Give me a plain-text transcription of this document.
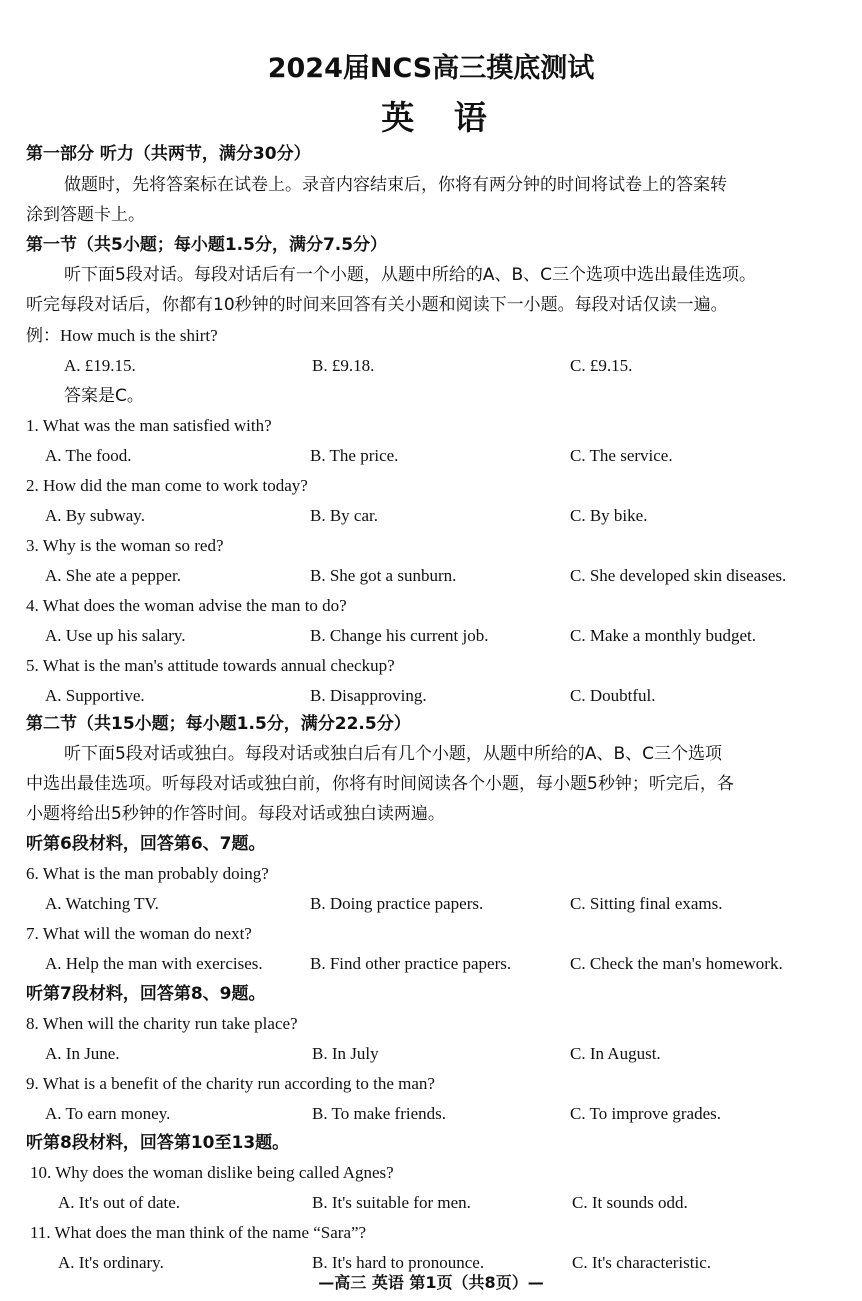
2024届NCS高三摸底测试
英 语
第一部分 听力（共两节，满分30分）
做题时，先将答案标在试卷上。录音内容结束后，你将有两分钟的时间将试卷上的答案转
涂到答题卡上。
第一节（共5小题；每小题1.5分，满分7.5分）
听下面5段对话。每段对话后有一个小题，从题中所给的A、B、C三个选项中选出最佳选项。
听完每段对话后，你都有10秒钟的时间来回答有关小题和阅读下一小题。每段对话仅读一遍。
例：How much is the shirt?
A. £19.15.	B. £9.18.	C. £9.15.
答案是C。
1. What was the man satisfied with?
A. The food.	B. The price.	C. The service.
2. How did the man come to work today?
A. By subway.	B. By car.	C. By bike.
3. Why is the woman so red?
A. She ate a pepper.	B. She got a sunburn.	C. She developed skin diseases.
4. What does the woman advise the man to do?
A. Use up his salary.	B. Change his current job.	C. Make a monthly budget.
5. What is the man's attitude towards annual checkup?
A. Supportive.	B. Disapproving.	C. Doubtful.
第二节（共15小题；每小题1.5分，满分22.5分）
听下面5段对话或独白。每段对话或独白后有几个小题，从题中所给的A、B、C三个选项
中选出最佳选项。听每段对话或独白前，你将有时间阅读各个小题，每小题5秒钟；听完后，各
小题将给出5秒钟的作答时间。每段对话或独白读两遍。
听第6段材料，回答第6、7题。
6. What is the man probably doing?
A. Watching TV.	B. Doing practice papers.	C. Sitting final exams.
7. What will the woman do next?
A. Help the man with exercises.	B. Find other practice papers.	C. Check the man's homework.
听第7段材料，回答第8、9题。
8. When will the charity run take place?
A. In June.	B. In July	C. In August.
9. What is a benefit of the charity run according to the man?
A. To earn money.	B. To make friends.	C. To improve grades.
听第8段材料，回答第10至13题。
10. Why does the woman dislike being called Agnes?
A. It's out of date.	B. It's suitable for men.	C. It sounds odd.
11. What does the man think of the name “Sara”?
A. It's ordinary.	B. It's hard to pronounce.	C. It's characteristic.
—高三 英语 第1页（共8页）—
